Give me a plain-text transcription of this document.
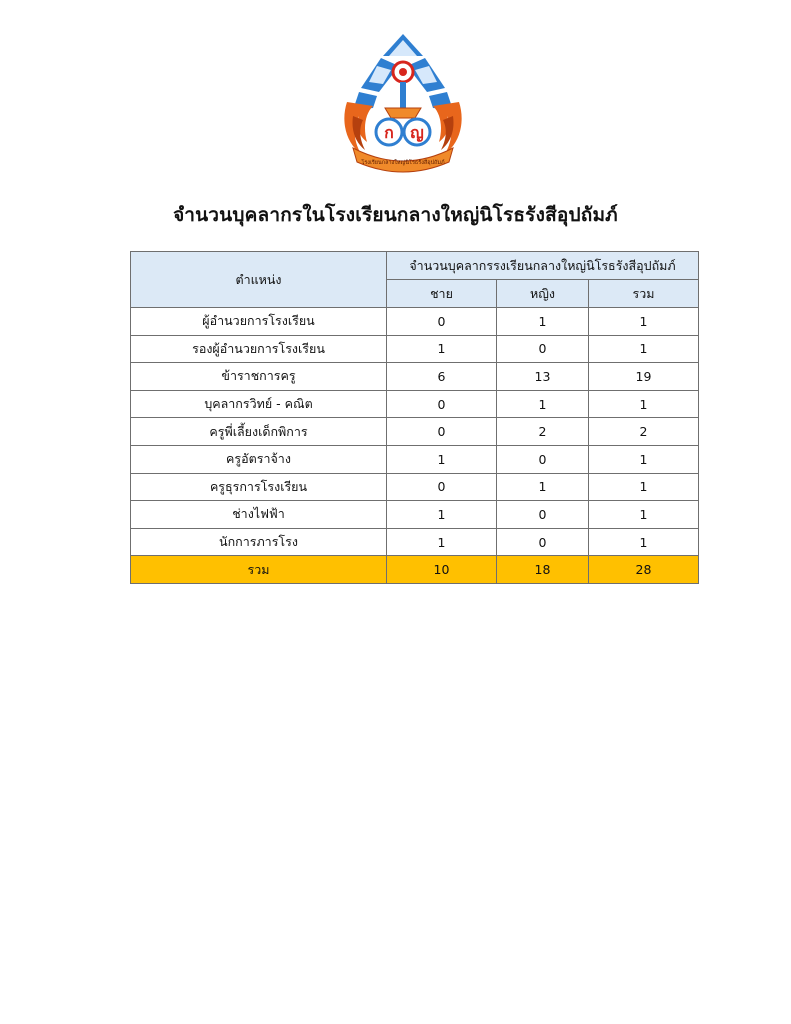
ก ญ
โรงเรียนกลางใหญ่นิโรธรังสีอุปถัมภ์
จำนวนบุคลากรในโรงเรียนกลางใหญ่นิโรธรังสีอุปถัมภ์
ตำแหน่ง	จำนวนบุคลากรรงเรียนกลางใหญ่นิโรธรังสีอุปถัมภ์		
	ชาย	หญิง	รวม
ผู้อำนวยการโรงเรียน	0	1	1
รองผู้อำนวยการโรงเรียน	1	0	1
ข้าราชการครู	6	13	19
บุคลากรวิทย์ - คณิต	0	1	1
ครูพี่เลี้ยงเด็กพิการ	0	2	2
ครูอัตราจ้าง	1	0	1
ครูธุรการโรงเรียน	0	1	1
ช่างไฟฟ้า	1	0	1
นักการภารโรง	1	0	1
รวม	10	18	28
